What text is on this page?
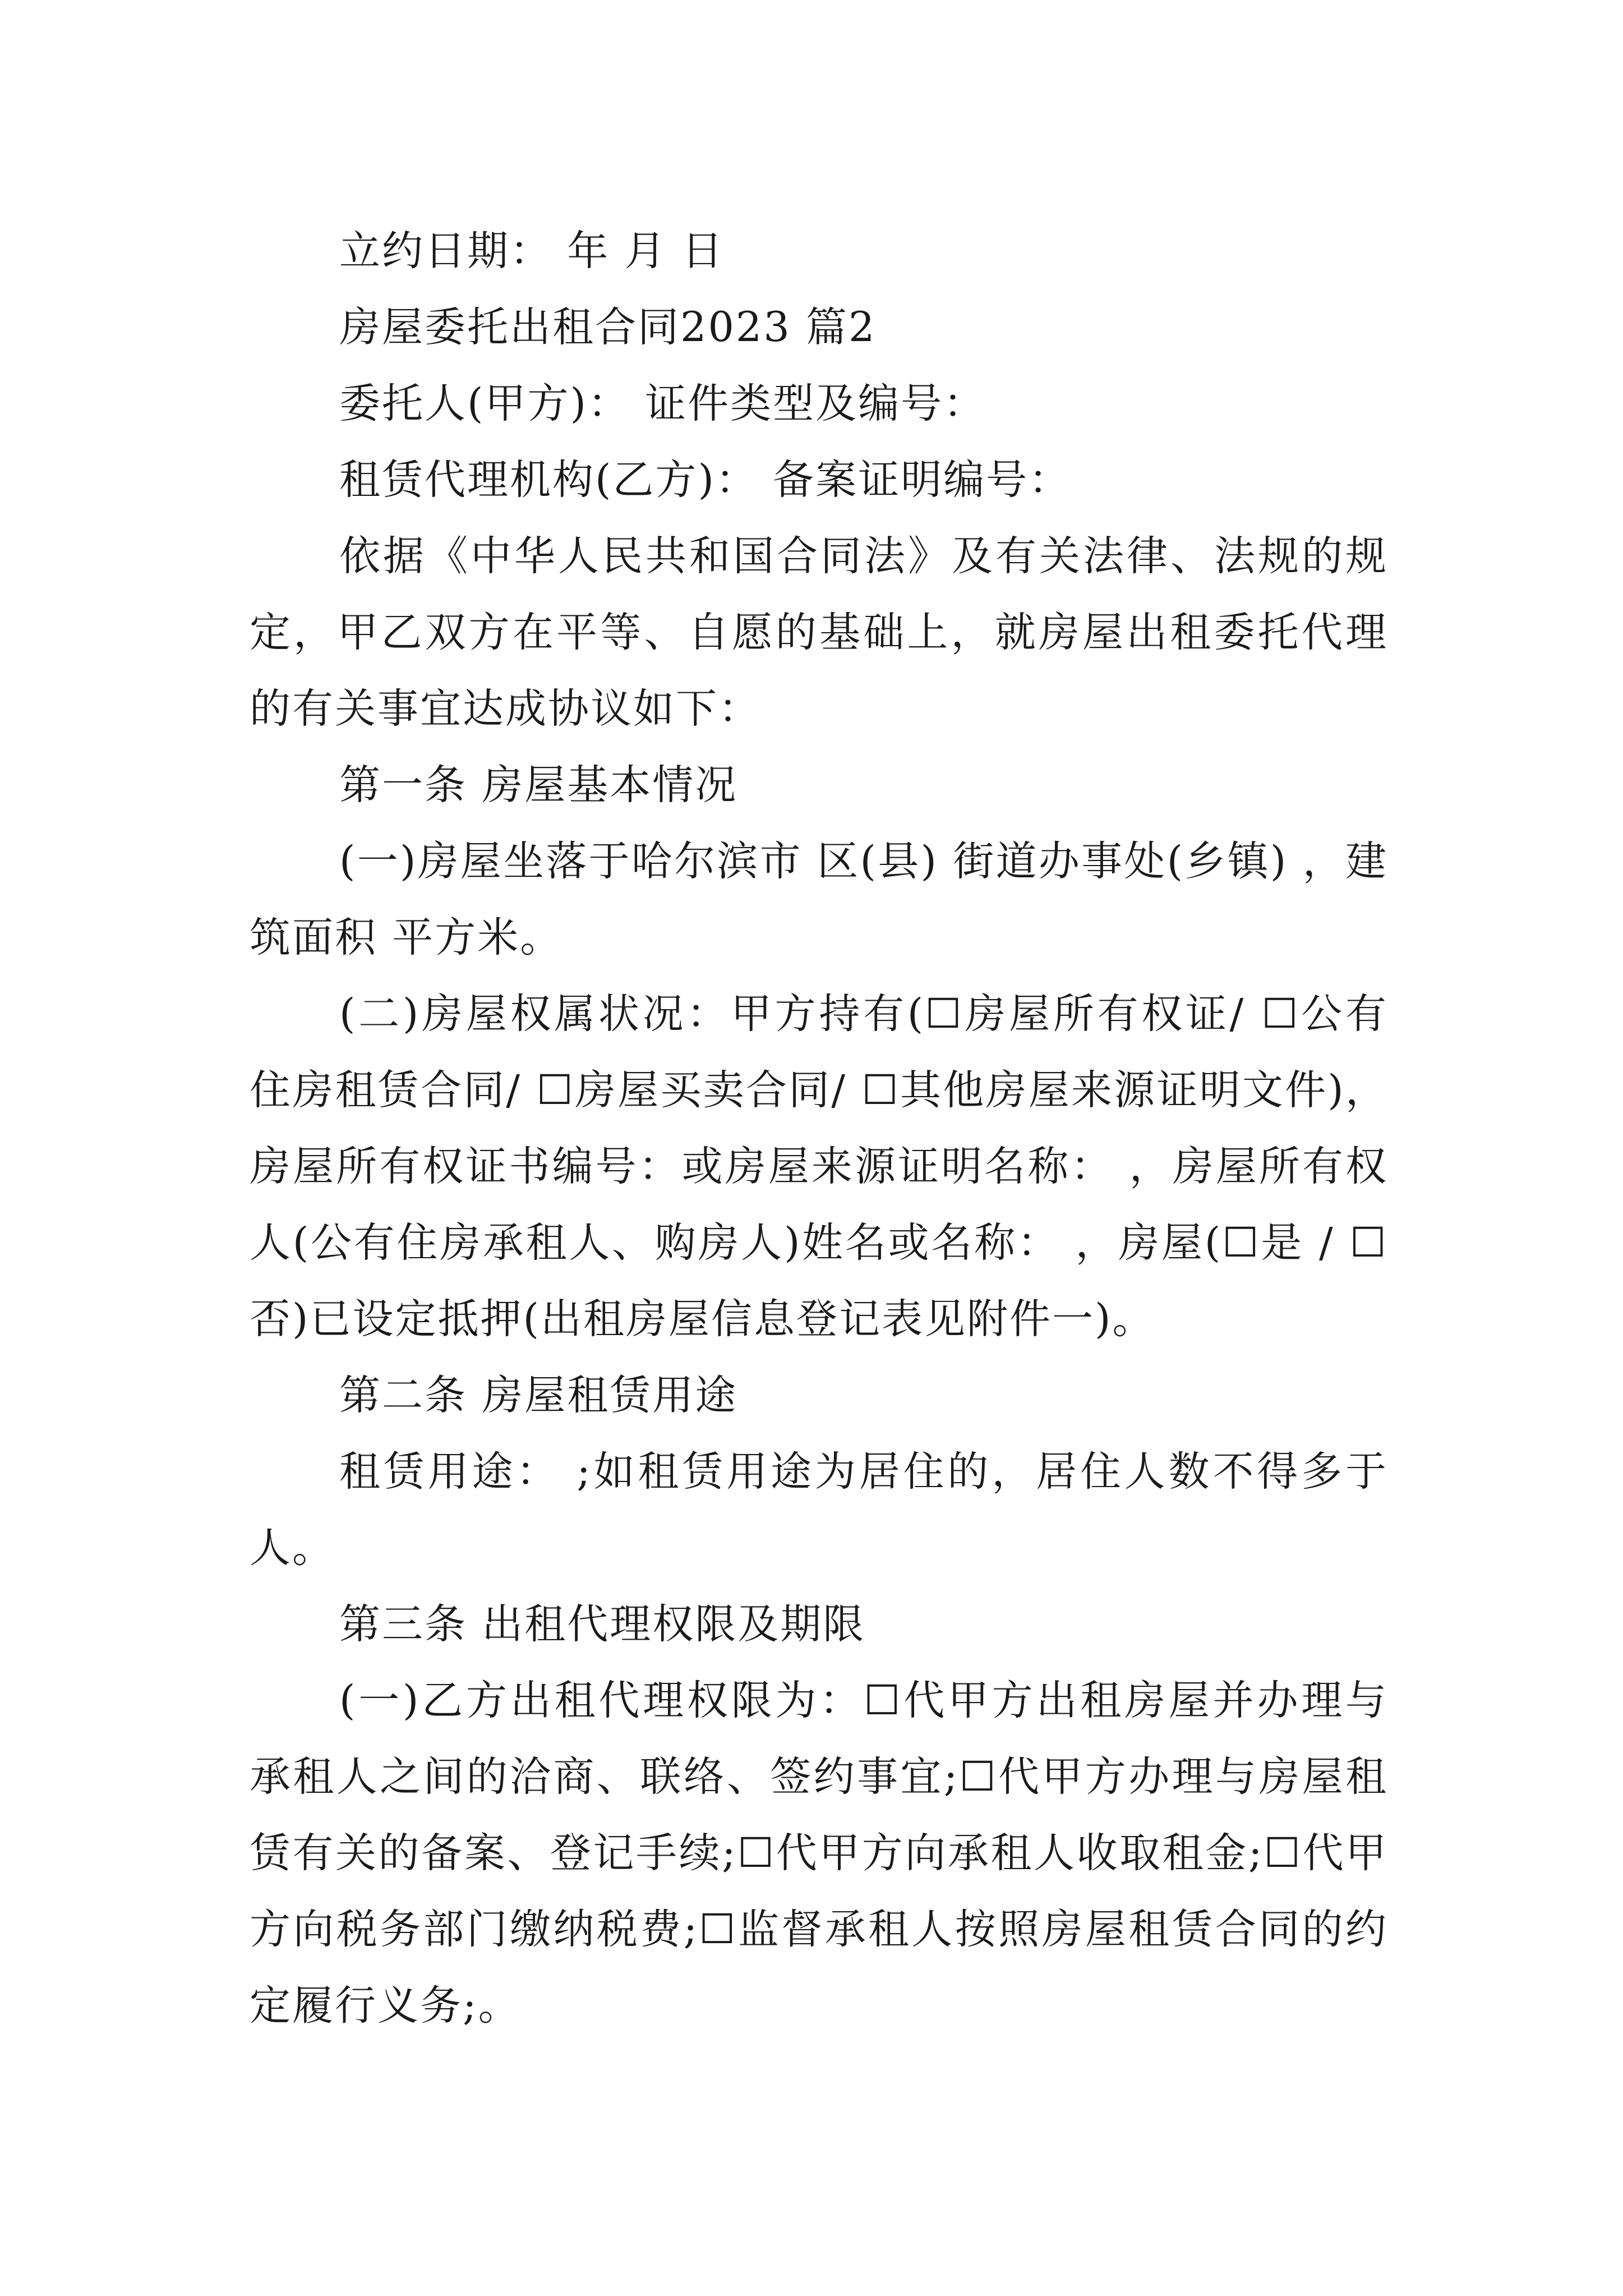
立约日期： 年 月 日

房屋委托出租合同2023 篇2

委托人(甲方)： 证件类型及编号：

租赁代理机构(乙方)： 备案证明编号：

依据《中华人民共和国合同法》及有关法律、法规的规定，甲乙双方在平等、自愿的基础上，就房屋出租委托代理的有关事宜达成协议如下：

第一条 房屋基本情况

(一)房屋坐落于哈尔滨市 区(县) 街道办事处(乡镇) ，建筑面积 平方米。

(二)房屋权属状况：甲方持有(☐房屋所有权证/ ☐公有住房租赁合同/ ☐房屋买卖合同/ ☐其他房屋来源证明文件)，房屋所有权证书编号：或房屋来源证明名称： ，房屋所有权人(公有住房承租人、购房人)姓名或名称： ，房屋(☐是 / ☐否)已设定抵押(出租房屋信息登记表见附件一)。

第二条 房屋租赁用途

租赁用途： ;如租赁用途为居住的，居住人数不得多于 人。

第三条 出租代理权限及期限

(一)乙方出租代理权限为：☐代甲方出租房屋并办理与承租人之间的洽商、联络、签约事宜;☐代甲方办理与房屋租赁有关的备案、登记手续;☐代甲方向承租人收取租金;☐代甲方向税务部门缴纳税费;☐监督承租人按照房屋租赁合同的约定履行义务;。
